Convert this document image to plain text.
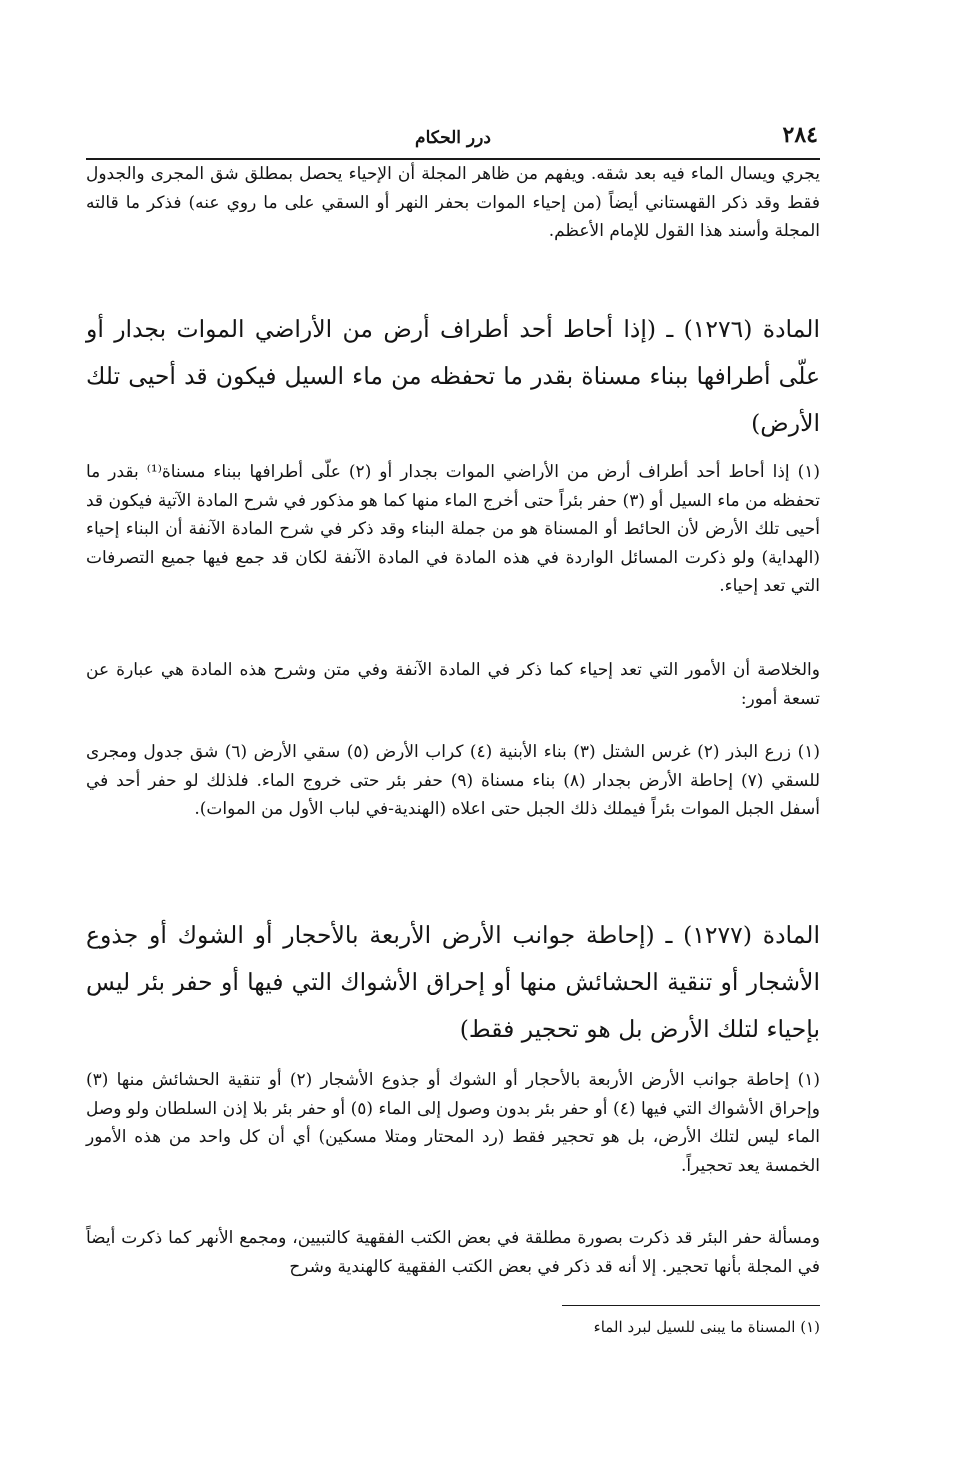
٢٨٤
درر الحكام

يجري ويسال الماء فيه بعد شقه. ويفهم من ظاهر المجلة أن الإحياء يحصل بمطلق شق المجرى والجدول فقط وقد ذكر القهستاني أيضاً (من إحياء الموات بحفر النهر أو السقي على ما روي عنه) فذكر ما قالته المجلة وأسند هذا القول للإمام الأعظم.

المادة (١٢٧٦) ـ (إذا أحاط أحد أطراف أرض من الأراضي الموات بجدار أو علّى أطرافها ببناء مسناة بقدر ما تحفظه من ماء السيل فيكون قد أحيى تلك الأرض)

(١) إذا أحاط أحد أطراف أرض من الأراضي الموات بجدار أو (٢) علّى أطرافها ببناء مسناة⁽¹⁾ بقدر ما تحفظه من ماء السيل أو (٣) حفر بئراً حتى أخرج الماء منها كما هو مذكور في شرح المادة الآتية فيكون قد أحيى تلك الأرض لأن الحائط أو المسناة هو من جملة البناء وقد ذكر في شرح المادة الآنفة أن البناء إحياء (الهداية) ولو ذكرت المسائل الواردة في هذه المادة في المادة الآنفة لكان قد جمع فيها جميع التصرفات التي تعد إحياء.

والخلاصة أن الأمور التي تعد إحياء كما ذكر في المادة الآنفة وفي متن وشرح هذه المادة هي عبارة عن تسعة أمور:

(١) زرع البذر (٢) غرس الشتل (٣) بناء الأبنية (٤) كراب الأرض (٥) سقي الأرض (٦) شق جدول ومجرى للسقي (٧) إحاطة الأرض بجدار (٨) بناء مسناة (٩) حفر بئر حتى خروج الماء. فلذلك لو حفر أحد في أسفل الجبل الموات بئراً فيملك ذلك الجبل حتى اعلاه (الهندية-في لباب الأول من الموات).

المادة (١٢٧٧) ـ (إحاطة جوانب الأرض الأربعة بالأحجار أو الشوك أو جذوع الأشجار أو تنقية الحشائش منها أو إحراق الأشواك التي فيها أو حفر بئر ليس بإحياء لتلك الأرض بل هو تحجير فقط)

(١) إحاطة جوانب الأرض الأربعة بالأحجار أو الشوك أو جذوع الأشجار (٢) أو تنقية الحشائش منها (٣) وإحراق الأشواك التي فيها (٤) أو حفر بئر بدون وصول إلى الماء (٥) أو حفر بئر بلا إذن السلطان ولو وصل الماء ليس لتلك الأرض، بل هو تحجير فقط (رد المحتار ومتلا مسكين) أي أن كل واحد من هذه الأمور الخمسة يعد تحجيراً.

ومسألة حفر البئر قد ذكرت بصورة مطلقة في بعض الكتب الفقهية كالتبيين، ومجمع الأنهر كما ذكرت أيضاً في المجلة بأنها تحجير. إلا أنه قد ذكر في بعض الكتب الفقهية كالهندية وشرح

(١) المسناة ما يبنى للسيل لبرد الماء
